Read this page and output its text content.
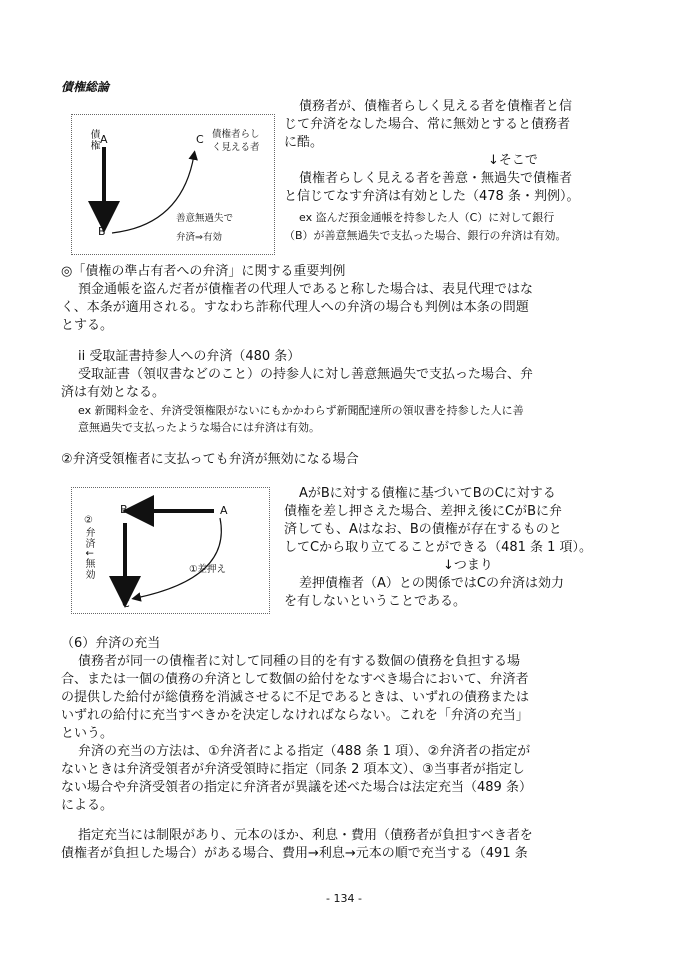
債権総論
A
B
C
債権	債権者らし
く見える者
善意無過失で
弁済⇒有効
債務者が、債権者らしく見える者を債権者と信
じて弁済をなした場合、常に無効とすると債務者
に酷。
↓そこで
債権者らしく見える者を善意・無過失で債権者
と信じてなす弁済は有効とした（478 条・判例）。
ex 盗んだ預金通帳を持参した人（C）に対して銀行
（B）が善意無過失で支払った場合、銀行の弁済は有効。
◎「債権の準占有者への弁済」に関する重要判例
預金通帳を盗んだ者が債権者の代理人であると称した場合は、表見代理ではな
く、本条が適用される。すなわち詐称代理人への弁済の場合も判例は本条の問題
とする。
ii 受取証書持参人への弁済（480 条）
受取証書（領収書などのこと）の持参人に対し善意無過失で支払った場合、弁
済は有効となる。
ex 新聞料金を、弁済受領権限がないにもかかわらず新聞配達所の領収書を持参した人に善
意無過失で支払ったような場合には弁済は有効。
②弁済受領権者に支払っても弁済が無効になる場合
B	A
C
②弁済↓無効	①差押え
AがBに対する債権に基づいてBのCに対する
債権を差し押さえた場合、差押え後にCがBに弁
済しても、Aはなお、Bの債権が存在するものと
してCから取り立てることができる（481 条 1 項）。
↓つまり
差押債権者（A）との関係ではCの弁済は効力
を有しないということである。
（6）弁済の充当
債務者が同一の債権者に対して同種の目的を有する数個の債務を負担する場
合、または一個の債務の弁済として数個の給付をなすべき場合において、弁済者
の提供した給付が総債務を消滅させるに不足であるときは、いずれの債務または
いずれの給付に充当すべきかを決定しなければならない。これを「弁済の充当」
という。
弁済の充当の方法は、①弁済者による指定（488 条 1 項）、②弁済者の指定が
ないときは弁済受領者が弁済受領時に指定（同条 2 項本文）、③当事者が指定し
ない場合や弁済受領者の指定に弁済者が異議を述べた場合は法定充当（489 条）
による。
指定充当には制限があり、元本のほか、利息・費用（債務者が負担すべき者を
債権者が負担した場合）がある場合、費用→利息→元本の順で充当する（491 条
- 134 -
